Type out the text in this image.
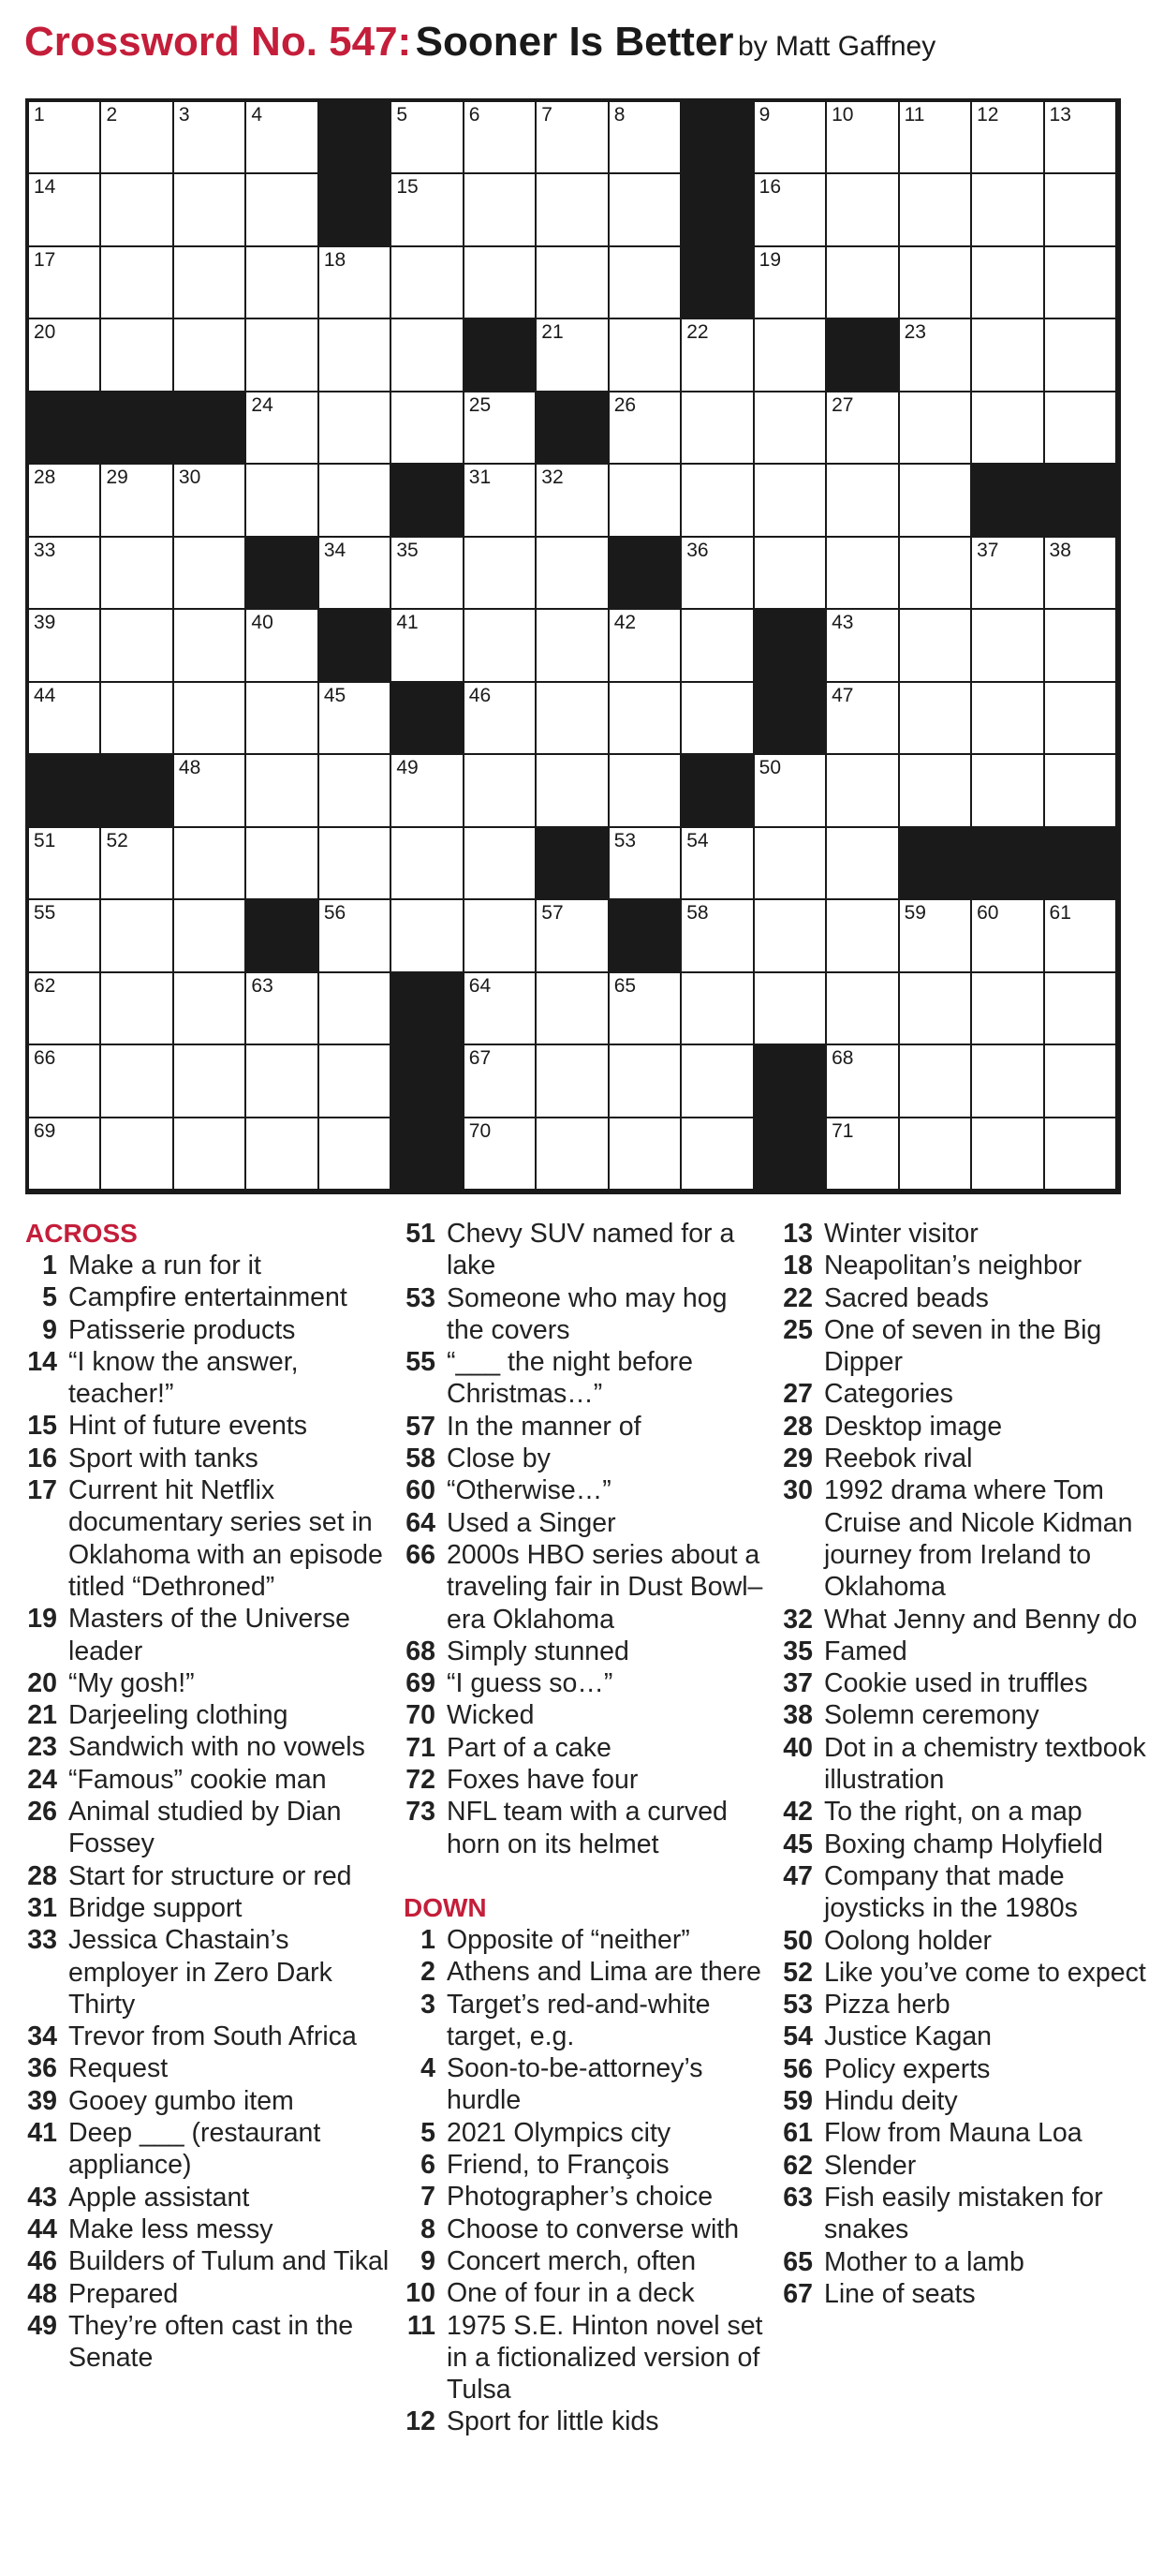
Crossword No. 547: Sooner Is Better by Matt Gaffney
1	2	3	4	5	6	7	8	9	10	11	12	13
14	15	16
17	18	19
20	21	22	23
24	25	26	27
28	29	30	31	32
33	34	35	36	37	38
39	40	41	42	43
44	45	46	47
48	49	50
51	52	53	54
55	56	57	58	59	60	61
62	63	64	65
66	67	68
69	70	71
ACROSS
1 Make a run for it
5 Campfire entertainment
9 Patisserie products
14 “I know the answer, teacher!”
15 Hint of future events
16 Sport with tanks
17 Current hit Netflix documentary series set in Oklahoma with an episode titled “Dethroned”
19 Masters of the Universe leader
20 “My gosh!”
21 Darjeeling clothing
23 Sandwich with no vowels
24 “Famous” cookie man
26 Animal studied by Dian Fossey
28 Start for structure or red
31 Bridge support
33 Jessica Chastain’s employer in Zero Dark Thirty
34 Trevor from South Africa
36 Request
39 Gooey gumbo item
41 Deep ___ (restaurant appliance)
43 Apple assistant
44 Make less messy
46 Builders of Tulum and Tikal
48 Prepared
49 They’re often cast in the Senate
51 Chevy SUV named for a lake
53 Someone who may hog the covers
55 “___ the night before Christmas…”
57 In the manner of
58 Close by
60 “Otherwise…”
64 Used a Singer
66 2000s HBO series about a traveling fair in Dust Bowl–era Oklahoma
68 Simply stunned
69 “I guess so…”
70 Wicked
71 Part of a cake
72 Foxes have four
73 NFL team with a curved horn on its helmet
DOWN
1 Opposite of “neither”
2 Athens and Lima are there
3 Target’s red-and-white target, e.g.
4 Soon-to-be-attorney’s hurdle
5 2021 Olympics city
6 Friend, to François
7 Photographer’s choice
8 Choose to converse with
9 Concert merch, often
10 One of four in a deck
11 1975 S.E. Hinton novel set in a fictionalized version of Tulsa
12 Sport for little kids
13 Winter visitor
18 Neapolitan’s neighbor
22 Sacred beads
25 One of seven in the Big Dipper
27 Categories
28 Desktop image
29 Reebok rival
30 1992 drama where Tom Cruise and Nicole Kidman journey from Ireland to Oklahoma
32 What Jenny and Benny do
35 Famed
37 Cookie used in truffles
38 Solemn ceremony
40 Dot in a chemistry textbook illustration
42 To the right, on a map
45 Boxing champ Holyfield
47 Company that made joysticks in the 1980s
50 Oolong holder
52 Like you’ve come to expect
53 Pizza herb
54 Justice Kagan
56 Policy experts
59 Hindu deity
61 Flow from Mauna Loa
62 Slender
63 Fish easily mistaken for snakes
65 Mother to a lamb
67 Line of seats
